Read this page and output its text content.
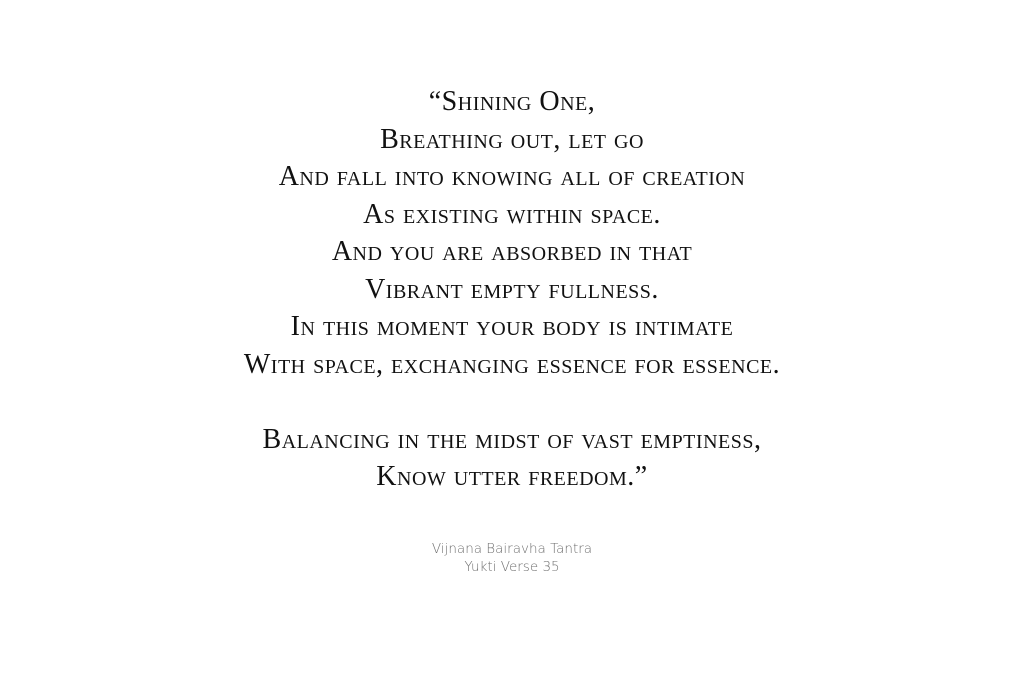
“Shining One,
Breathing out, let go
And fall into knowing all of creation
As existing within space.
And you are absorbed in that
Vibrant empty fullness.
In this moment your body is intimate
With space, exchanging essence for essence.
Balancing in the midst of vast emptiness,
Know utter freedom.”
Vijnana Bairavha Tantra
Yukti Verse 35
